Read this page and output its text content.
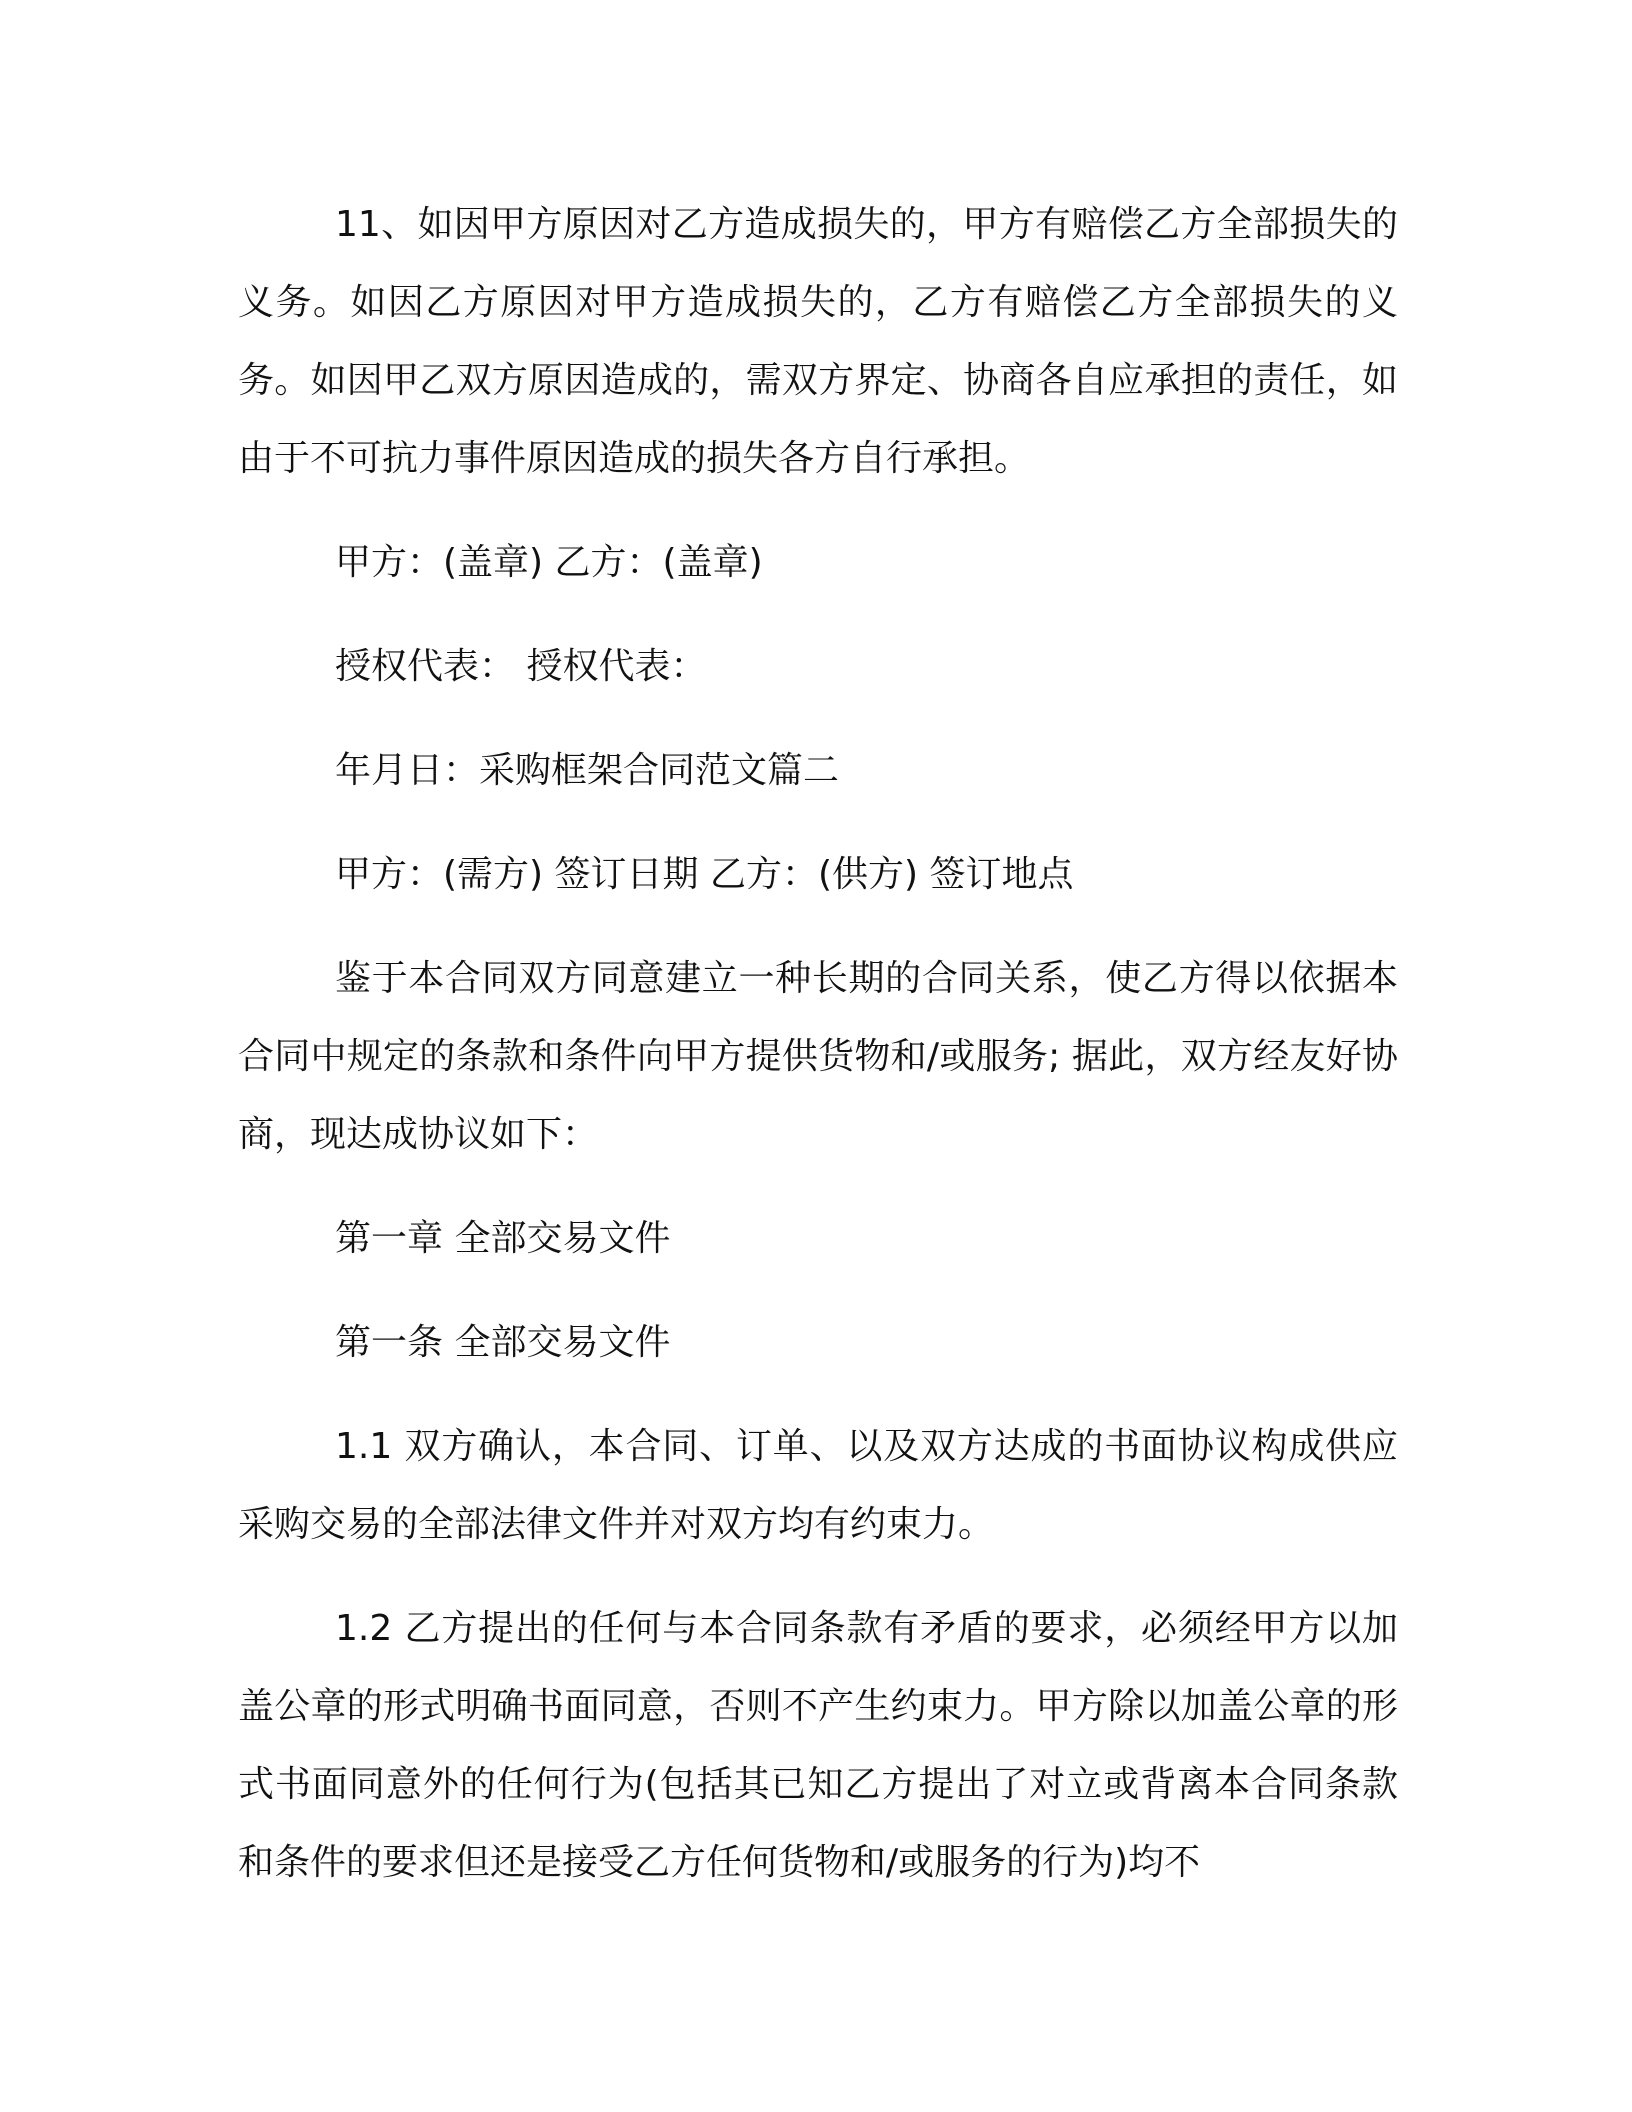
11、如因甲方原因对乙方造成损失的，甲方有赔偿乙方全部损失的义务。如因乙方原因对甲方造成损失的，乙方有赔偿乙方全部损失的义务。如因甲乙双方原因造成的，需双方界定、协商各自应承担的责任，如由于不可抗力事件原因造成的损失各方自行承担。

甲方：(盖章) 乙方：(盖章)

授权代表： 授权代表：

年月日：采购框架合同范文篇二

甲方：(需方) 签订日期 乙方：(供方) 签订地点

鉴于本合同双方同意建立一种长期的合同关系，使乙方得以依据本合同中规定的条款和条件向甲方提供货物和/或服务; 据此，双方经友好协商，现达成协议如下：

第一章 全部交易文件

第一条 全部交易文件

1.1 双方确认，本合同、订单、以及双方达成的书面协议构成供应采购交易的全部法律文件并对双方均有约束力。

1.2 乙方提出的任何与本合同条款有矛盾的要求，必须经甲方以加盖公章的形式明确书面同意，否则不产生约束力。甲方除以加盖公章的形式书面同意外的任何行为(包括其已知乙方提出了对立或背离本合同条款和条件的要求但还是接受乙方任何货物和/或服务的行为)均不
